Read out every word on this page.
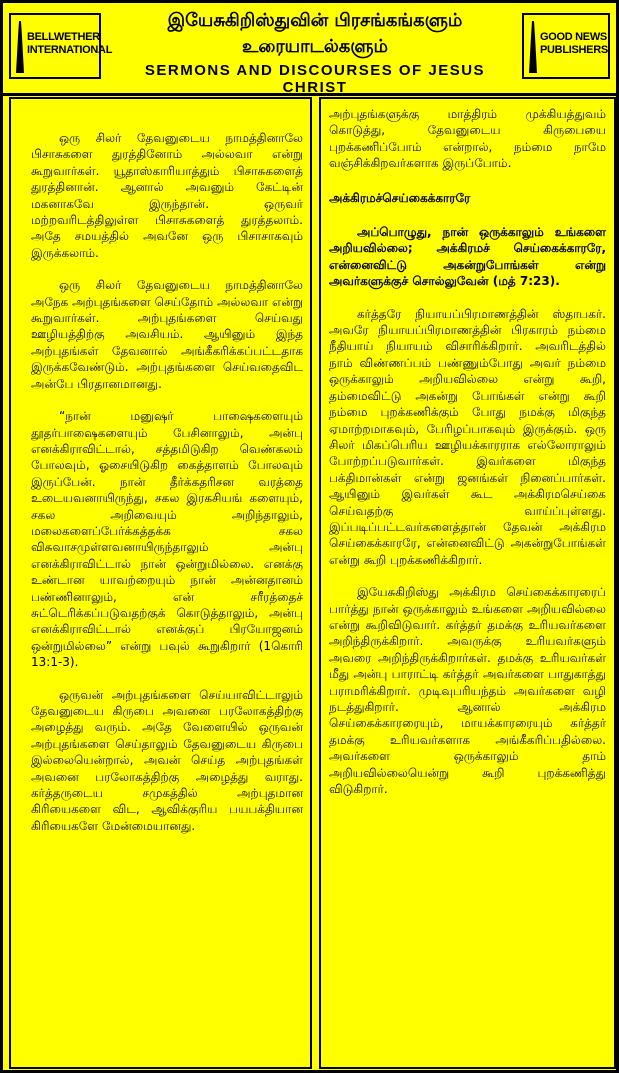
BELLWETHER
INTERNATIONAL
இயேசுகிறிஸ்துவின் பிரசங்கங்களும்
உரையாடல்களும்
SERMONS AND DISCOURSES OF JESUS CHRIST
GOOD NEWS
PUBLISHERS

ஒரு சிலர் தேவனுடைய நாமத்தினாலே பிசாசுகளை துரத்தினோம் அல்லவா என்று கூறுவார்கள். யூதாஸ்காரியாத்தும் பிசாசுகளைத் துரத்தினான். ஆனால் அவனும் கேட்டின் மகனாகவே இருந்தான். ஒருவர் மற்றவரிடத்திலுள்ள பிசாசுகளைத் துரத்தலாம். அதே சமயத்தில் அவனே ஒரு பிசாசாகவும் இருக்கலாம்.

ஒரு சிலர் தேவனுடைய நாமத்தினாலே அநேக அற்புதங்களை செய்தோம் அல்லவா என்று கூறுவார்கள். அற்புதங்களை செய்வது ஊழியத்திற்கு அவசியம். ஆயினும் இந்த அற்புதங்கள் தேவனால் அங்கீகரிக்கப்பட்டதாக இருக்கவேண்டும். அற்புதங்களை செய்வதைவிட அன்பே பிரதானமானது.

“நான் மனுஷர் பாஷைகளையும் தூதர்பாஷைகளையும் பேசினாலும், அன்பு எனக்கிராவிட்டால், சத்தமிடுகிற வெண்கலம் போலவும், ஓசையிடுகிற கைத்தாளம் போலவும் இருப்பேன். நான் தீர்க்கதரிசன வரத்தை உடையவனாயிருந்து, சகல இரகசியங் களையும், சகல அறிவையும் அறிந்தாலும், மலைகளைப்பேர்க்கத்தக்க சகல விசுவாசமுள்ளவனாயிருந்தாலும் அன்பு எனக்கிராவிட்டால் நான் ஒன்றுமில்லை. எனக்கு உண்டான யாவற்றையும் நான் அன்னதானம் பண்ணினாலும், என் சரீரத்தைச் சுட்டெரிக்கப்படுவதற்குக் கொடுத்தாலும், அன்பு எனக்கிராவிட்டால் எனக்குப் பிரயோஜனம் ஒன்றுமில்லை” என்று பவுல் கூறுகிறார் (1கொரி 13:1-3).

ஒருவன் அற்புதங்களை செய்யாவிட்டாலும் தேவனுடைய கிருபை அவனை பரலோகத்திற்கு அழைத்து வரும். அதே வேளையில் ஒருவன் அற்புதங்களை செய்தாலும் தேவனுடைய கிருபை இல்லையென்றால், அவன் செய்த அற்புதங்கள் அவனை பரலோகத்திற்கு அழைத்து வராது. கர்த்தருடைய சமுகத்தில் அற்புதமான கிரியைகளை விட, ஆவிக்குரிய பயபக்தியான கிரியைகளே மேன்மையானது.

அற்புதங்களுக்கு மாத்திரம் முக்கியத்துவம் கொடுத்து, தேவனுடைய கிருபையை புறக்கணிப்போம் என்றால், நம்மை நாமே வஞ்சிக்கிறவர்களாக இருப்போம்.

அக்கிரமச்செய்கைக்காரரே

அப்பொழுது, நான் ஒருக்காலும் உங்களை அறியவில்லை; அக்கிரமச் செய்கைக்காரரே, என்னைவிட்டு அகன்றுபோங்கள் என்று அவர்களுக்குச் சொல்லுவேன் (மத் 7:23).

கர்த்தரே நியாயப்பிரமாணத்தின் ஸ்தாபகர். அவரே நியாயப்பிரமாணத்தின் பிரகாரம் நம்மை நீதியாய் நியாயம் விசாரிக்கிறார். அவரிடத்தில் நாம் விண்ணப்பம் பண்ணும்போது அவர் நம்மை ஒருக்காலும் அறியவில்லை என்று கூறி, தம்மைவிட்டு அகன்று போங்கள் என்று கூறி நம்மை புறக்கணிக்கும் போது நமக்கு மிகுந்த ஏமாற்றமாகவும், பேரிழப்பாகவும் இருக்கும். ஒரு சிலர் மிகப்பெரிய ஊழியக்காரராக எல்லோராலும் போற்றப்படுவார்கள். இவர்களை மிகுந்த பக்திமான்கள் என்று ஜனங்கள் நினைப்பார்கள். ஆயினும் இவர்கள் கூட அக்கிரமசெய்கை செய்வதற்கு வாய்ப்புள்ளது. இப்படிப்பட்டவர்களைத்தான் தேவன் அக்கிரம செய்கைக்காரரே, என்னைவிட்டு அகன்றுபோங்கள் என்று கூறி புறக்கணிக்கிறார்.

இயேசுகிறிஸ்து அக்கிரம செய்கைக்காரரைப் பார்த்து நான் ஒருக்காலும் உங்களை அறியவில்லை என்று கூறிவிடுவார். கர்த்தர் தமக்கு உரியவர்களை அறிந்திருக்கிறார். அவருக்கு உரியவர்களும் அவரை அறிந்திருக்கிறார்கள். தமக்கு உரியவர்கள் மீது அன்பு பாராட்டி கர்த்தர் அவர்களை பாதுகாத்து பராமரிக்கிறார். முடிவுபரியந்தம் அவர்களை வழி நடத்துகிறார். ஆனால் அக்கிரம செய்கைக்காரரையும், மாயக்காரரையும் கர்த்தர் தமக்கு உரியவர்களாக அங்கீகரிப்பதில்லை. அவர்களை ஒருக்காலும் தாம் அறியவில்லையென்று கூறி புறக்கணித்து விடுகிறார்.
